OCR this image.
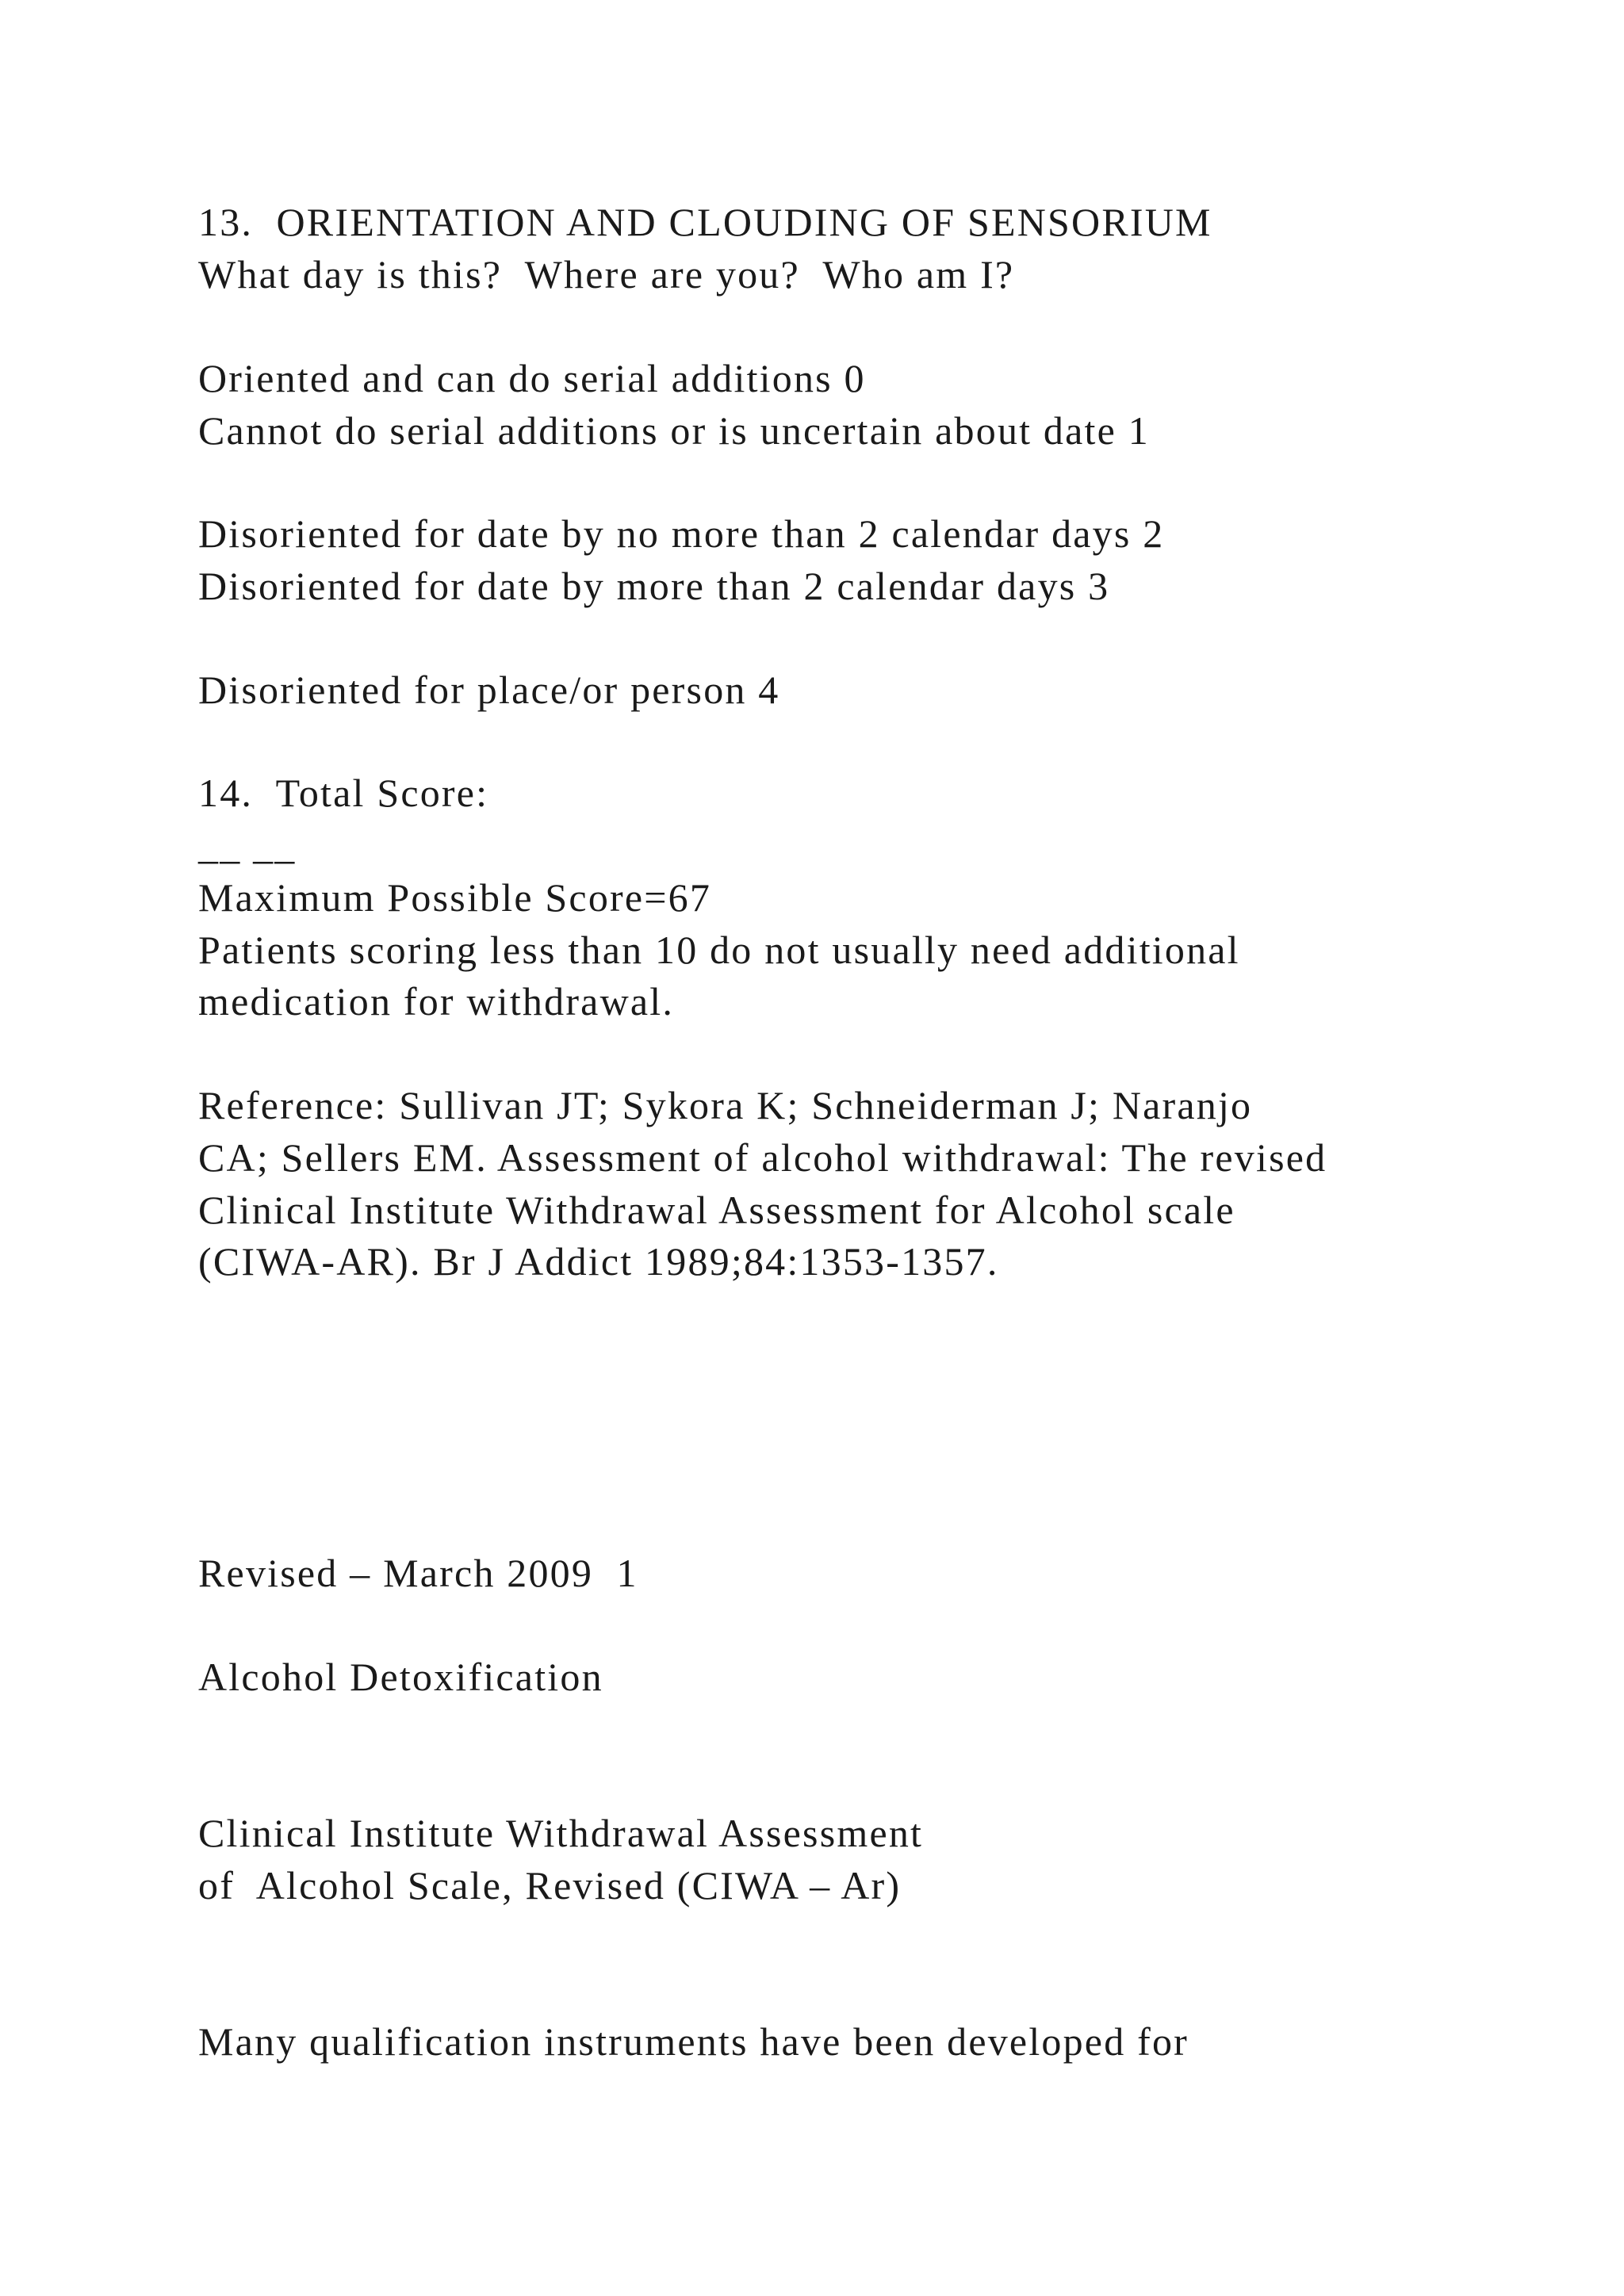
13.  ORIENTATION AND CLOUDING OF SENSORIUM

What day is this?  Where are you?  Who am I?

Oriented and can do serial additions 0

Cannot do serial additions or is uncertain about date 1

Disoriented for date by no more than 2 calendar days 2

Disoriented for date by more than 2 calendar days 3

Disoriented for place/or person 4

14.  Total Score:

__ __

Maximum Possible Score=67

Patients scoring less than 10 do not usually need additional

medication for withdrawal.

Reference: Sullivan JT; Sykora K; Schneiderman J; Naranjo

CA; Sellers EM. Assessment of alcohol withdrawal: The revised

Clinical Institute Withdrawal Assessment for Alcohol scale

(CIWA-AR). Br J Addict 1989;84:1353-1357.

Revised – March 2009  1

Alcohol Detoxification

Clinical Institute Withdrawal Assessment

of  Alcohol Scale, Revised (CIWA – Ar)

Many qualification instruments have been developed for
